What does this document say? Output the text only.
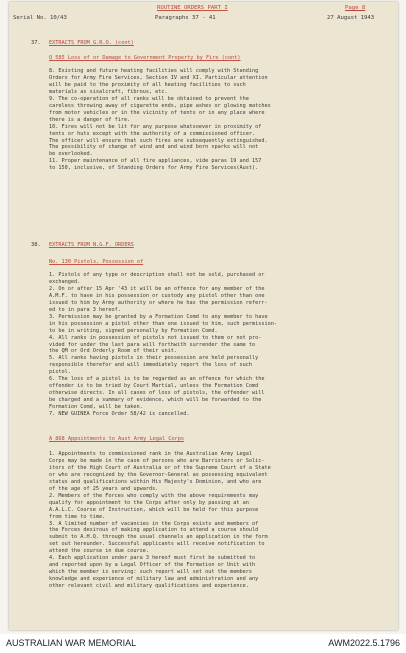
ROUTINE ORDERS PART I	Page 8
Serial No. 10/43	Paragraphs 37 - 41	27 August 1943
37. EXTRACTS FROM G.R.O. (cont)
Q 585 Loss of or Damage to Government Property by Fire (cont)
8. Existing and future heating facilities will comply with Standing
Orders for Army Fire Services, Section IV and XI. Particular attention
will be paid to the proximity of all heating facilities to such
materials as sisalcraft, fibrous, etc.
9. The co-operation of all ranks will be obtained to prevent the
careless throwing away of cigarette ends, pipe ashes or glowing matches
from motor vehicles or in the vicinity of tents or in any place where
there is a danger of fire.
10. Fires will not be lit for any purpose whatsoever in proximity of
tents or huts except with the authority of a commissioned officer.
The officer will ensure that such fires are subsequently extinguished.
The possibility of change of wind and and wind born sparks will not
be overlooked.
11. Proper maintenance of all fire appliances, vide paras 19 and 157
to 150, inclusive, of Standing Orders for Army Fire Services(Aust).
38. EXTRACTS FROM N.G.F. ORDERS
No. 130 Pistols, Possession of
1. Pistols of any type or description shall not be sold, purchased or
exchanged.
2. On or after 15 Apr '43 it will be an offence for any member of the
A.M.F. to have in his possession or custody any pistol other than one
issued to him by Army authority or where he has the permission referr-
ed to in para 3 hereof.
3. Permission may be granted by a Formation Comd to any member to have
in his possession a pistol other than one issued to him, such permission-
to be in writing, signed personally by Formation Comd.
4. All ranks in possession of pistols not issued to them or not pro-
vided for under the last para will forthwith surrender the same to
the QM or Ord Orderly Room of their unit.
5. All ranks having pistols in their possession are held personally
responsible therefor and will immediately report the loss of such
pistol.
6. The loss of a pistol is to be regarded as an offence for which the
offender is to be tried by Court Martial, unless the Formation Comd
otherwise directs. In all cases of loss of pistols, the offender will
be charged and a summary of evidence, which will be forwarded to the
Formation Comd, will be taken.
7. NEW GUINEA Force Order 58/42 is cancelled.
A 868 Appointments to Aust Army Legal Corps
1. Appointments to commissioned rank in the Australian Army Legal
Corps may be made in the case of persons who are Barristers or Solic-
itors of the High Court of Australia or of the Supreme Court of a State
or who are recognized by the Governor-General as possessing equivalent
status and qualifications within His Majesty's Dominion, and who are
of the age of 25 years and upwards.
2. Members of the Forces who comply with the above requirements may
qualify for appointment to the Corps after only by passing at an
A.A.L.C. Course of Instruction, which will be held for this purpose
from time to time.
3. A limited number of vacancies in the Corps exists and members of
the Forces desirous of making application to attend a course should
submit to A.H.Q. through the usual channels an application in the form
set out hereunder. Successful applicants will receive notification to
attend the course in due course.
4. Each application under para 3 hereof must first be submitted to
and reported upon by a Legal Officer of the Formation or Unit with
which the member is serving: such report will set out the members
knowledge and experience of military law and administration and any
other relevant civil and military qualifications and experience.
AUSTRALIAN WAR MEMORIAL	AWM2022.5.1796
